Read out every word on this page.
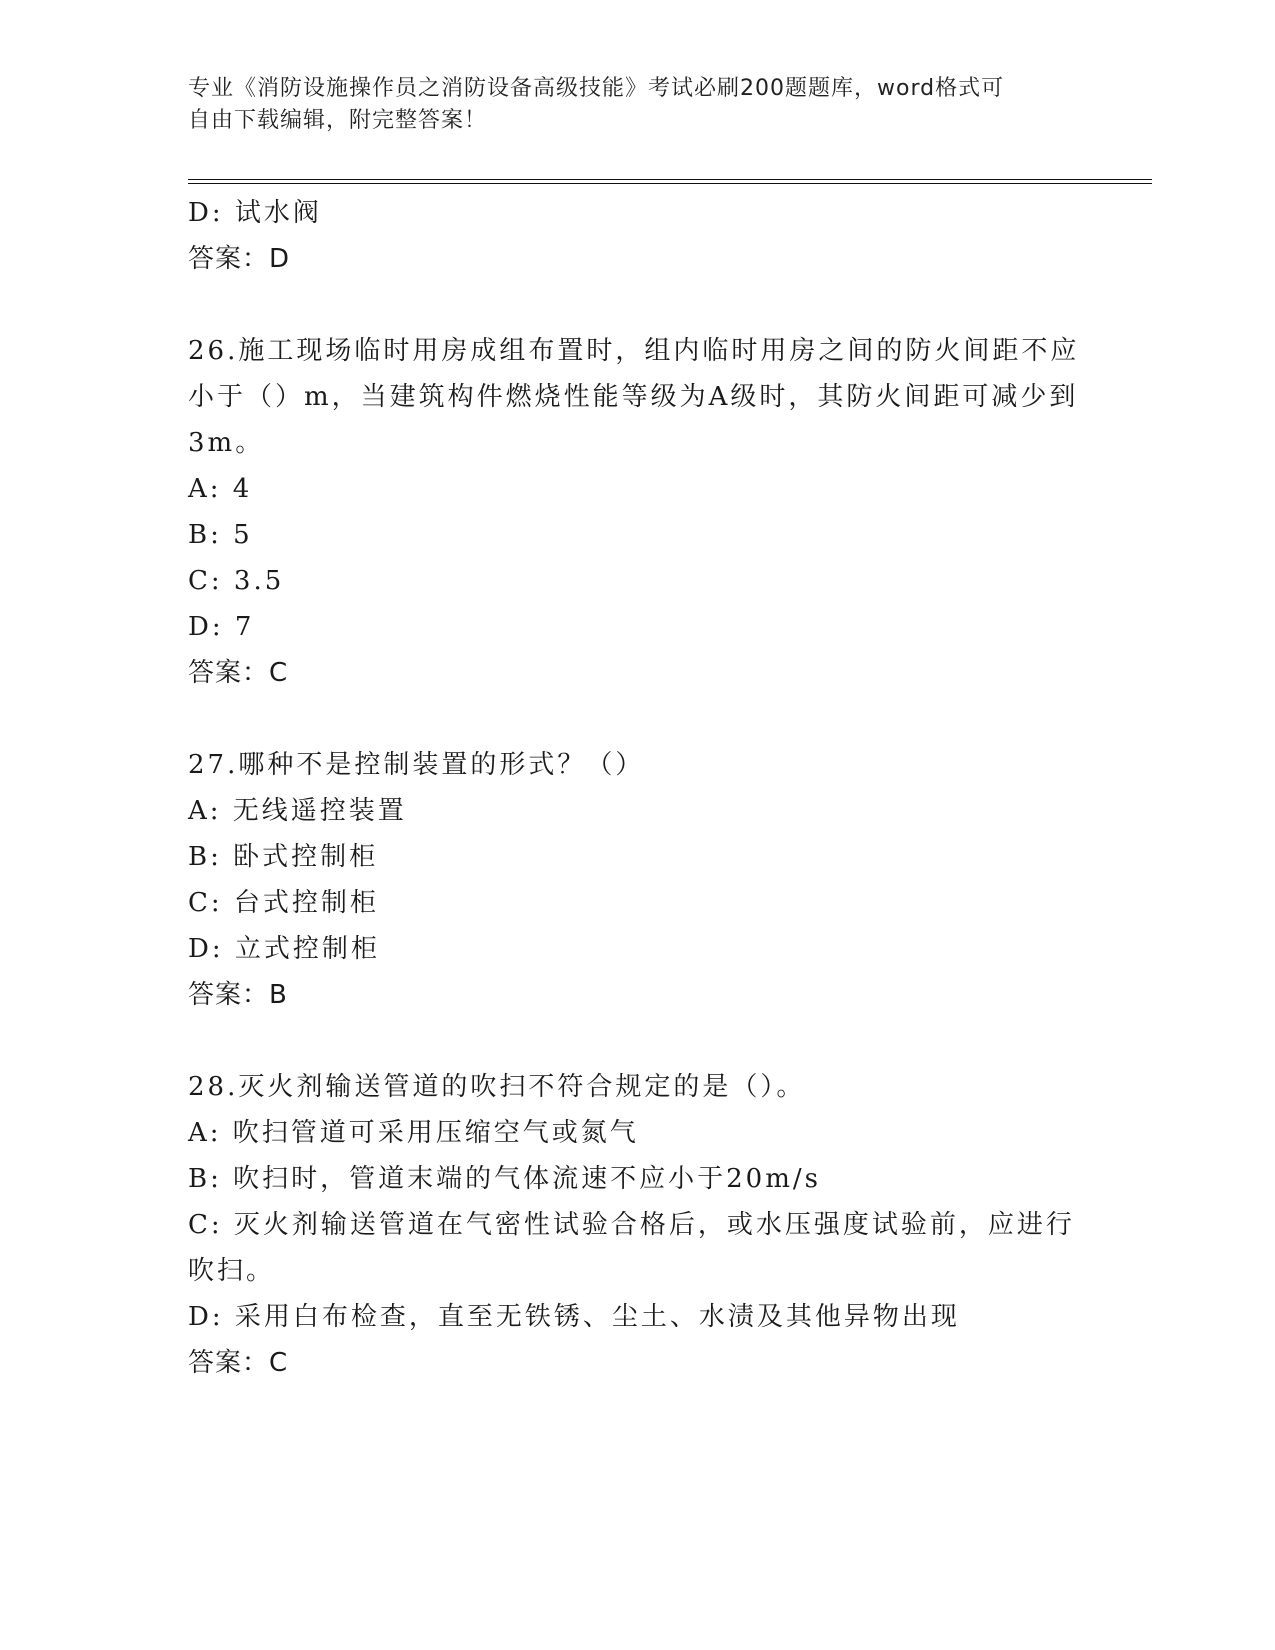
专业《消防设施操作员之消防设备高级技能》考试必刷200题题库，word格式可
自由下载编辑，附完整答案！

D: 试水阀

答案：D

26.施工现场临时用房成组布置时，组内临时用房之间的防火间距不应

小于（）m，当建筑构件燃烧性能等级为A级时，其防火间距可减少到

3m。

A: 4

B: 5

C: 3.5

D: 7

答案：C

27.哪种不是控制装置的形式？（）

A: 无线遥控装置

B: 卧式控制柜

C: 台式控制柜

D: 立式控制柜

答案：B

28.灭火剂输送管道的吹扫不符合规定的是（）。

A: 吹扫管道可采用压缩空气或氮气

B: 吹扫时，管道末端的气体流速不应小于20m/s

C: 灭火剂输送管道在气密性试验合格后，或水压强度试验前，应进行

吹扫。

D: 采用白布检查，直至无铁锈、尘土、水渍及其他异物出现

答案：C
